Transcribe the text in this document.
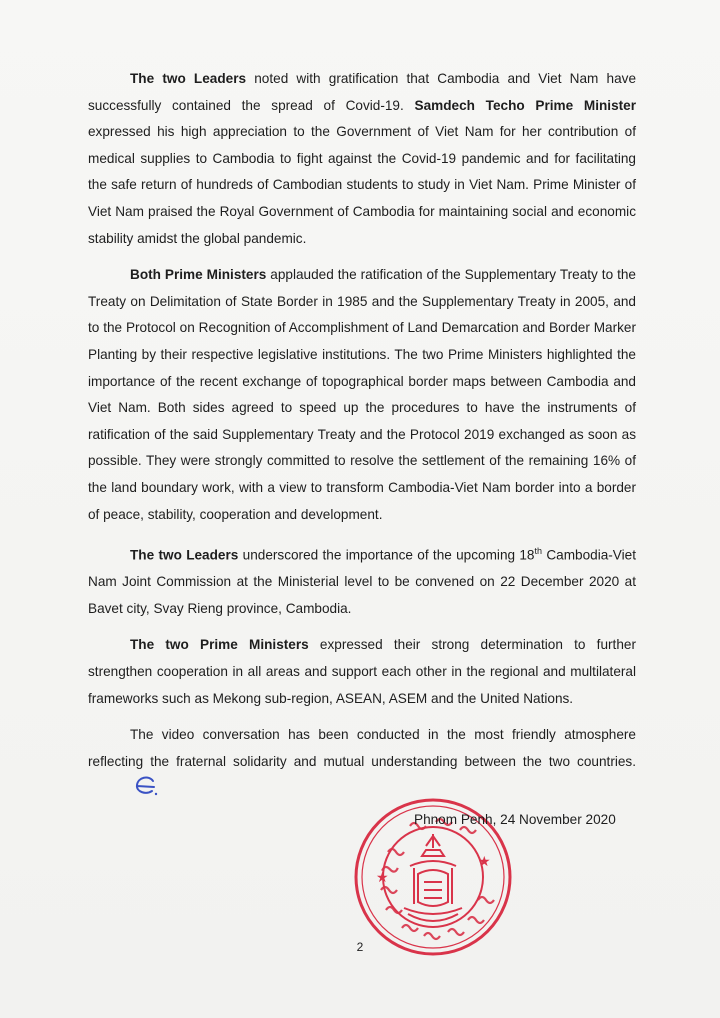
The two Leaders noted with gratification that Cambodia and Viet Nam have successfully contained the spread of Covid-19. Samdech Techo Prime Minister expressed his high appreciation to the Government of Viet Nam for her contribution of medical supplies to Cambodia to fight against the Covid-19 pandemic and for facilitating the safe return of hundreds of Cambodian students to study in Viet Nam. Prime Minister of Viet Nam praised the Royal Government of Cambodia for maintaining social and economic stability amidst the global pandemic.

Both Prime Ministers applauded the ratification of the Supplementary Treaty to the Treaty on Delimitation of State Border in 1985 and the Supplementary Treaty in 2005, and to the Protocol on Recognition of Accomplishment of Land Demarcation and Border Marker Planting by their respective legislative institutions. The two Prime Ministers highlighted the importance of the recent exchange of topographical border maps between Cambodia and Viet Nam. Both sides agreed to speed up the procedures to have the instruments of ratification of the said Supplementary Treaty and the Protocol 2019 exchanged as soon as possible. They were strongly committed to resolve the settlement of the remaining 16% of the land boundary work, with a view to transform Cambodia-Viet Nam border into a border of peace, stability, cooperation and development.

The two Leaders underscored the importance of the upcoming 18th Cambodia-Viet Nam Joint Commission at the Ministerial level to be convened on 22 December 2020 at Bavet city, Svay Rieng province, Cambodia.

The two Prime Ministers expressed their strong determination to further strengthen cooperation in all areas and support each other in the regional and multilateral frameworks such as Mekong sub-region, ASEAN, ASEM and the United Nations.

The video conversation has been conducted in the most friendly atmosphere reflecting the fraternal solidarity and mutual understanding between the two countries.

★
★
Phnom Penh, 24 November 2020
2
